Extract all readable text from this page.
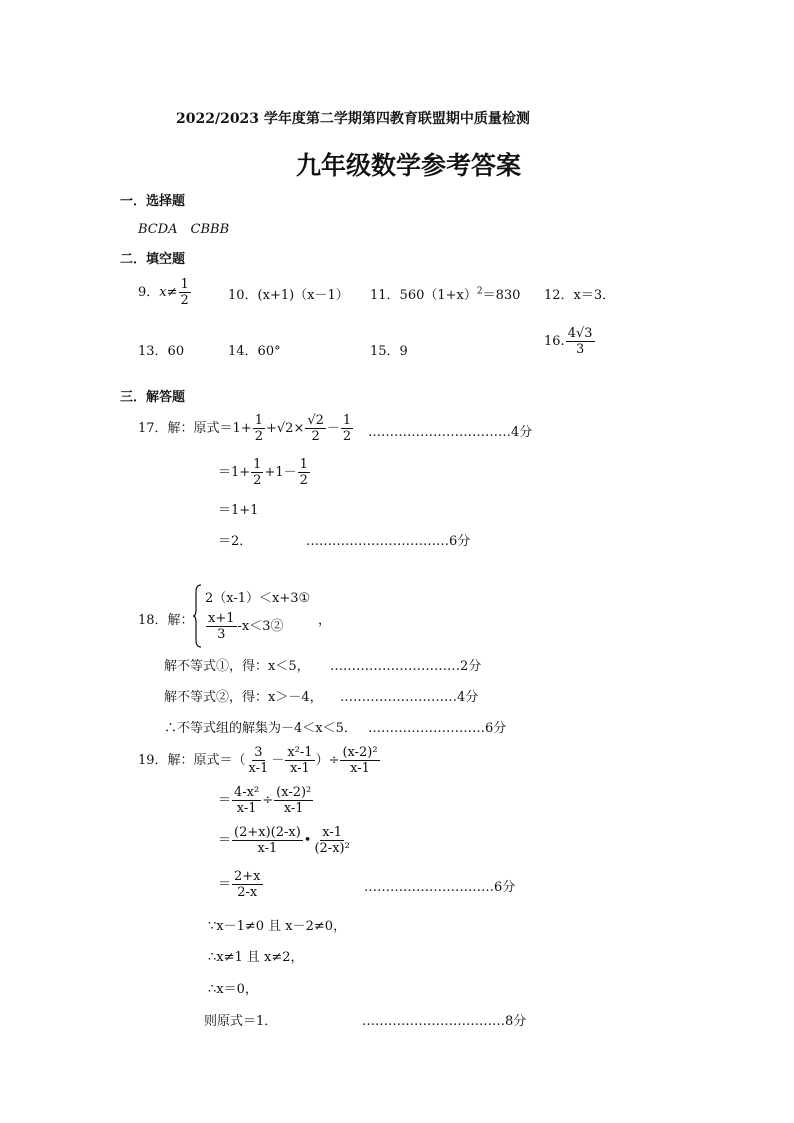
2022/2023 学年度第二学期第四教育联盟期中质量检测
九年级数学参考答案
一．选择题
BCDA　CBBB
二．填空题
9．$x\ne \frac{1}{2}$	10．(x+1)（x－1） 11．$560(1+x)^2=830$ 12．x＝3．
13．60	14．60°	15．9
16. $\frac{4√3}{3}$
三．解答题
17．解：原式$=1+ \frac{1}{2} +√2\times \frac{√2}{2} - \frac{1}{2}$ ……………………………4分
$=1+ \frac{1}{2} +1- \frac{1}{2}$
＝1+1
＝2．	……………………………6分
18．解：
2（x-1）＜x+3①
$\frac{x+1}{3}$ -x＜3②	，
解不等式①，得：x＜5， …………………………2分
解不等式②，得：x＞－4， ………………………4分
∴不等式组的解集为－4＜x＜5． ………………………6分
19．解：原式＝（ $\frac{3}{x-1} - \frac{\text{x²-1}}{x-1}$ ）÷ $\frac{\text{(x-2)²}}{x-1}$
＝ $\frac{\text{4-x²}}{x-1} \div \frac{\text{(x-2)²}}{x-1}$
＝ $\frac{(2+x)(2-x)}{x-1}$ • $\frac{x-1}{\text{(2-x)²}}$
＝ $\frac{2+x}{2-x}$	…………………………6分
∵x－1≠0 且 x－2≠0，
∴x≠1 且 x≠2，
∴x＝0，
则原式＝1．	……………………………8分
